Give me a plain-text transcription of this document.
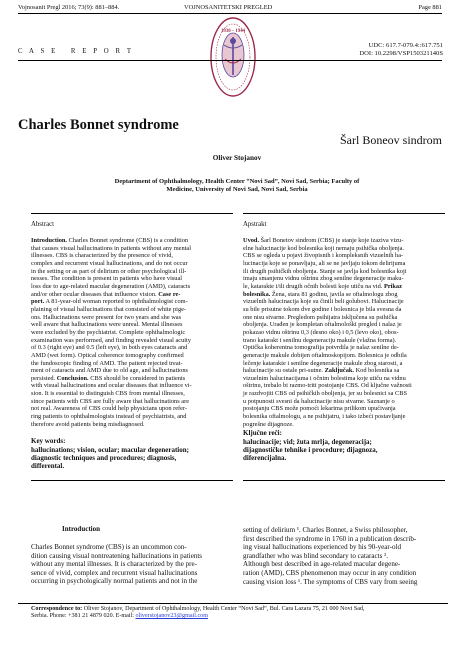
Vojnosanit Pregl 2016; 73(9): 881–884.	VOJNOSANITETSKI PREGLED	Page 881
1930 – 1944
C A S E   R E P O R T
UDC: 617.7-079.4::617.751
DOI: 10.2298/VSP150321140S
Charles Bonnet syndrome
Šarl Bonеov sindrom
Oliver Stojanov
Deptartment of Ophthalmology, Health Center “Novi Sad”, Novi Sad, Serbia; Faculty of
Medicine, University of Novi Sad, Novi Sad, Serbia
Abstract
Introduction. Charles Bonnet syndrome (CBS) is a condition
that causes visual hallucinations in patients without any mental
illnesses. CBS is characterized by the presence of vivid,
complex and recurrent visual hallucinations, and do not occur
in the setting or as part of delirium or other psychological ill-
nesses. The condition is present in patients who have visual
loss due to age-related macular degeneration (AMD), cataracts
and/or other ocular diseases that influence vision. Case re-
port. A 81-year-old woman reported to ophthalmologist com-
plaining of visual hallucinations that consisted of white pige-
ons. Hallucinations were present for two years and she was
well aware that hallucinations were unreal. Mental illnesses
were excluded by the psychiatrist. Complete ophthalmologic
examination was performed, and finding revealed visual acuity
of 0.3 (right eye) and 0.5 (left eye), in both eyes cataracts and
AMD (wet form). Optical coherence tomography confirmed
the fundoscopic finding of AMD. The patient rejected treat-
ment of cataracts and AMD due to old age, and hallucinations
persisted. Conclusion. CBS should be considered in patients
with visual hallucinations and ocular diseases that influence vi-
sion. It is essential to distinguish CBS from mental illnesses,
since patients with CBS are fully aware that hallucinations are
not real. Awareness of CBS could help physicians upon refer-
ring patients to ophthalmologists instead of psychiatrists, and
therefore avoid patients being misdiagnosed.
Key words:
hallucinations; vision, ocular; macular degeneration;
diagnostic techniques and procedures; diagnosis,
differental.
Apstrakt
Uvod. Šarl Bonetov sindrom (CBS) je stanje koje izaziva vizu-
elne halucinacije kod bolesnika koji nemaju psihička oboljenja.
CBS se ogleda u pojavi živopisnih i kompleksnih vizuelnih ha-
lucinacija koje se ponavljaju, ali se ne javljaju tokom delirijuma
ili drugih psihičkih oboljenja. Stanje se javlja kod bolesnika koji
imaju smanjenu vidnu oštrinu zbog senilne degeneracije maku-
le, katarakte i/ili drugih očnih bolesti koje utiču na vid. Prikaz
bolesnika. Žena, stara 81 godinu, javila se oftalmologu zbog
vizuelnih halucinacija koje su činili beli golubovi. Halucinacije
su bile prisutne tokom dve godine i bolesnica je bila svesna da
one nisu stvarne. Pregledom psihijatra isključena su psihička
oboljenja. Urađen je kompletan oftalmološki pregled i nalaz je
pokazao vidnu oštrinu 0,3 (desno oko) i 0,5 (levo oko), obos-
trano katarakt i senilnu degeneraciju makule (vlažna forma).
Optička koherentna tomografija potvrdila je nalaz senilne de-
generacije makule dobijen oftalmoskopijom. Bolesnica je odbila
lečenje katarakte i senilne degeneracije makule zbog starosti, a
halucinacije su ostale pri-sutne. Zaključak. Kod bolesnika sa
vizuelnim halucinacijama i očnim bolestima koje utiču na vidnu
oštrinu, trebalo bi razmo-triti postojanje CBS. Od ključne važnosti
je razdvojiti CBS od psihičkih oboljenja, jer su bolesnici sa CBS
u potpunosti svesni da halucinacije nisu stvarne. Saznanje o
postojanju CBS može pomoći lekarima prilikom upućivanja
bolesnika oftalmologu, a ne psihijatru, i tako izbeći postavljanje
pogrešne dijagnoze.
Ključne reči:
halucinacije; vid; žuta mrlja, degeneracija;
dijagnostičke tehnike i procedure; dijagnoza,
diferencijalna.
Introduction
Charles Bonnet syndrome (CBS) is an uncommon con-
dition causing visual nontreatening hallucinations in patients
without any mental illnesses. It is characterized by the pre-
sence of vivid, complex and recurrent visual hallucinations
occurring in psychologically normal patients and not in the
setting of delirium ¹. Charles Bonnet, a Swiss philosopher,
first described the syndrome in 1760 in a publication describ-
ing visual hallucinations experienced by his 90-year-old
grandfather who was blind secondary to cataracts ².
Although best described in age-related macular degene-
ration (AMD), CBS phenomenon may occur in any condition
causing vision loss ¹. The symptoms of CBS vary from seeing
Correspondence to: Oliver Stojanov, Department of Ophthalmology, Health Center “Novi Sad”, Bul. Cara Lazara 75, 21 000 Novi Sad,
Serbia. Phone: +381 21 4879 020. E-mail: oliverstojanov23@gmail.com
